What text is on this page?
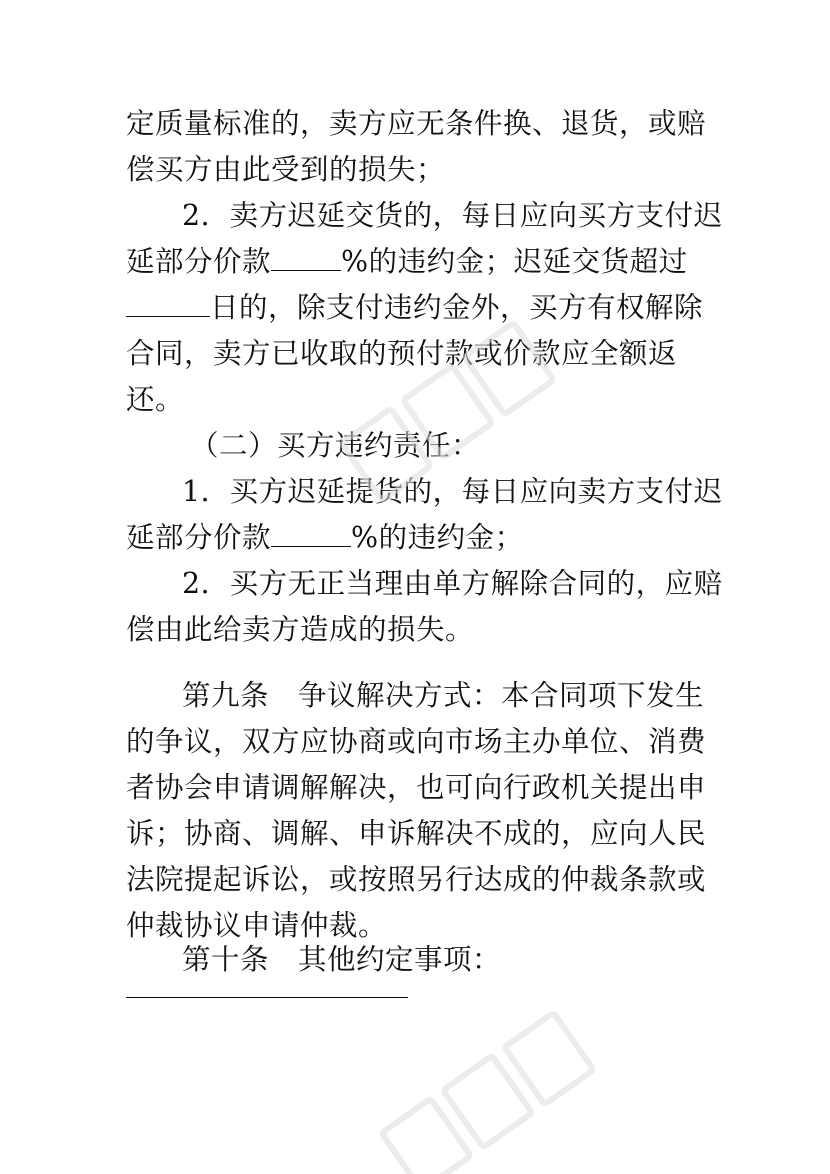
定质量标准的，卖方应无条件换、退货，或赔
偿买方由此受到的损失；
2．卖方迟延交货的，每日应向买方支付迟
延部分价款 %的违约金；迟延交货超过
日的，除支付违约金外，买方有权解除
合同，卖方已收取的预付款或价款应全额返
还。
（二）买方违约责任：
1．买方迟延提货的，每日应向卖方支付迟
延部分价款	%的违约金；
2．买方无正当理由单方解除合同的，应赔
偿由此给卖方造成的损失。
第九条　争议解决方式：本合同项下发生
的争议，双方应协商或向市场主办单位、消费
者协会申请调解解决，也可向行政机关提出申
诉；协商、调解、申诉解决不成的，应向人民
法院提起诉讼，或按照另行达成的仲裁条款或
仲裁协议申请仲裁。
第十条　其他约定事项：
